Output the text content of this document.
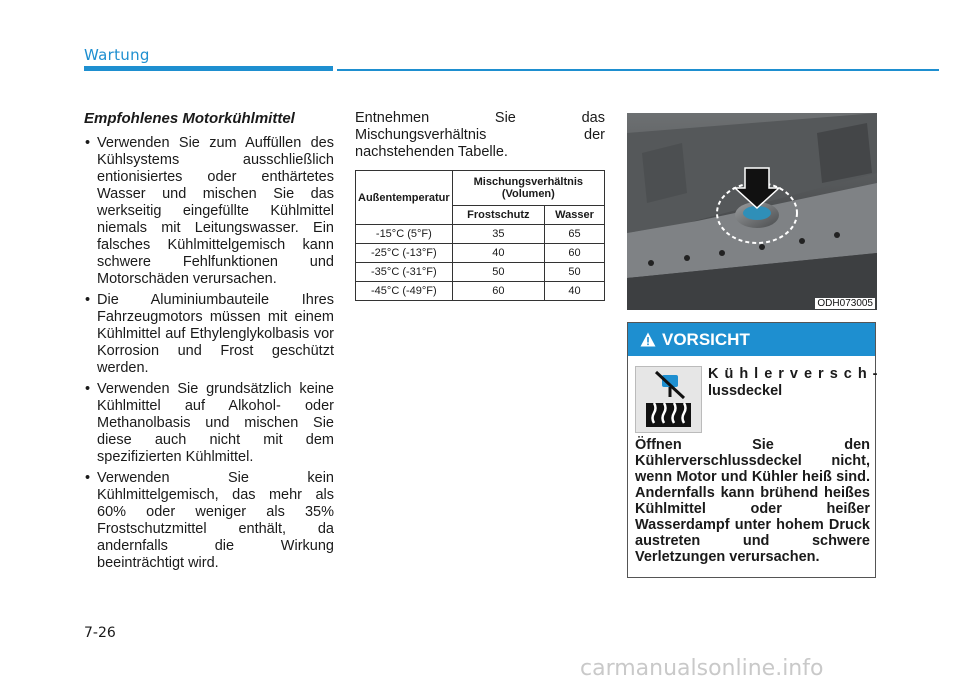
Wartung
Empfohlenes Motorkühlmittel
• Verwenden Sie zum Auffüllen des Kühlsystems ausschließlich entionisiertes oder enthärtetes Wasser und mischen Sie das werkseitig eingefüllte Kühlmittel niemals mit Leitungswasser. Ein falsches Kühlmittelgemisch kann schwere Fehlfunktionen und Motorschäden verursachen.
• Die Aluminiumbauteile Ihres Fahrzeugmotors müssen mit einem Kühlmittel auf Ethylenglykolbasis vor Korrosion und Frost geschützt werden.
• Verwenden Sie grundsätzlich keine Kühlmittel auf Alkohol- oder Methanolbasis und mischen Sie diese auch nicht mit dem spezifizierten Kühlmittel.
• Verwenden Sie kein Kühlmittelgemisch, das mehr als 60% oder weniger als 35% Frostschutzmittel enthält, da andernfalls die Wirkung beeinträchtigt wird.

Entnehmen Sie das Mischungsverhältnis der nachstehenden Tabelle.

Außentemperatur	Mischungsverhältnis (Volumen)	
	Frostschutz	Wasser
-15°C (5°F)	35	65
-25°C (-13°F)	40	60
-35°C (-31°F)	50	50
-45°C (-49°F)	60	40
ODH073005
VORSICHT
Kühlerversch-
lussdeckel
Öffnen Sie den Kühlerverschlussdeckel nicht, wenn Motor und Kühler heiß sind. Andernfalls kann brühend heißes Kühlmittel oder heißer Wasserdampf unter hohem Druck austreten und schwere Verletzungen verursachen.
7-26
carmanualsonline.info
